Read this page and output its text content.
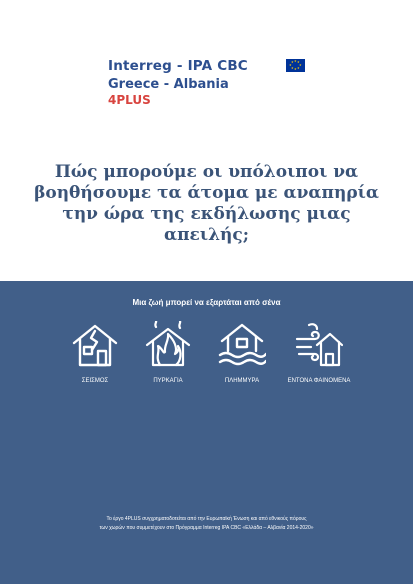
Interreg - IPA CBC	★ ★
★
★
★
★
★
★
Greece - Albania
4PLUS
Πώς μπορούμε οι υπόλοιποι να βοηθήσουμε τα άτομα με αναπηρία την ώρα της εκδήλωσης μιας απειλής;
Μια ζωή μπορεί να εξαρτάται από σένα
ΣΕΙΣΜΟΣ	ΠΥΡΚΑΓΙΑ	ΠΛΗΜΜΥΡΑ	ΕΝΤΟΝΑ ΦΑΙΝΟΜΕΝΑ
Το έργο 4PLUS συγχρηματοδοτείται από την Ευρωπαϊκή Ένωση και από εθνικούς πόρους
των χωρών που συμμετέχουν στο Πρόγραμμα Interreg IPA CBC «Ελλάδα – Αλβανία 2014-2020»
